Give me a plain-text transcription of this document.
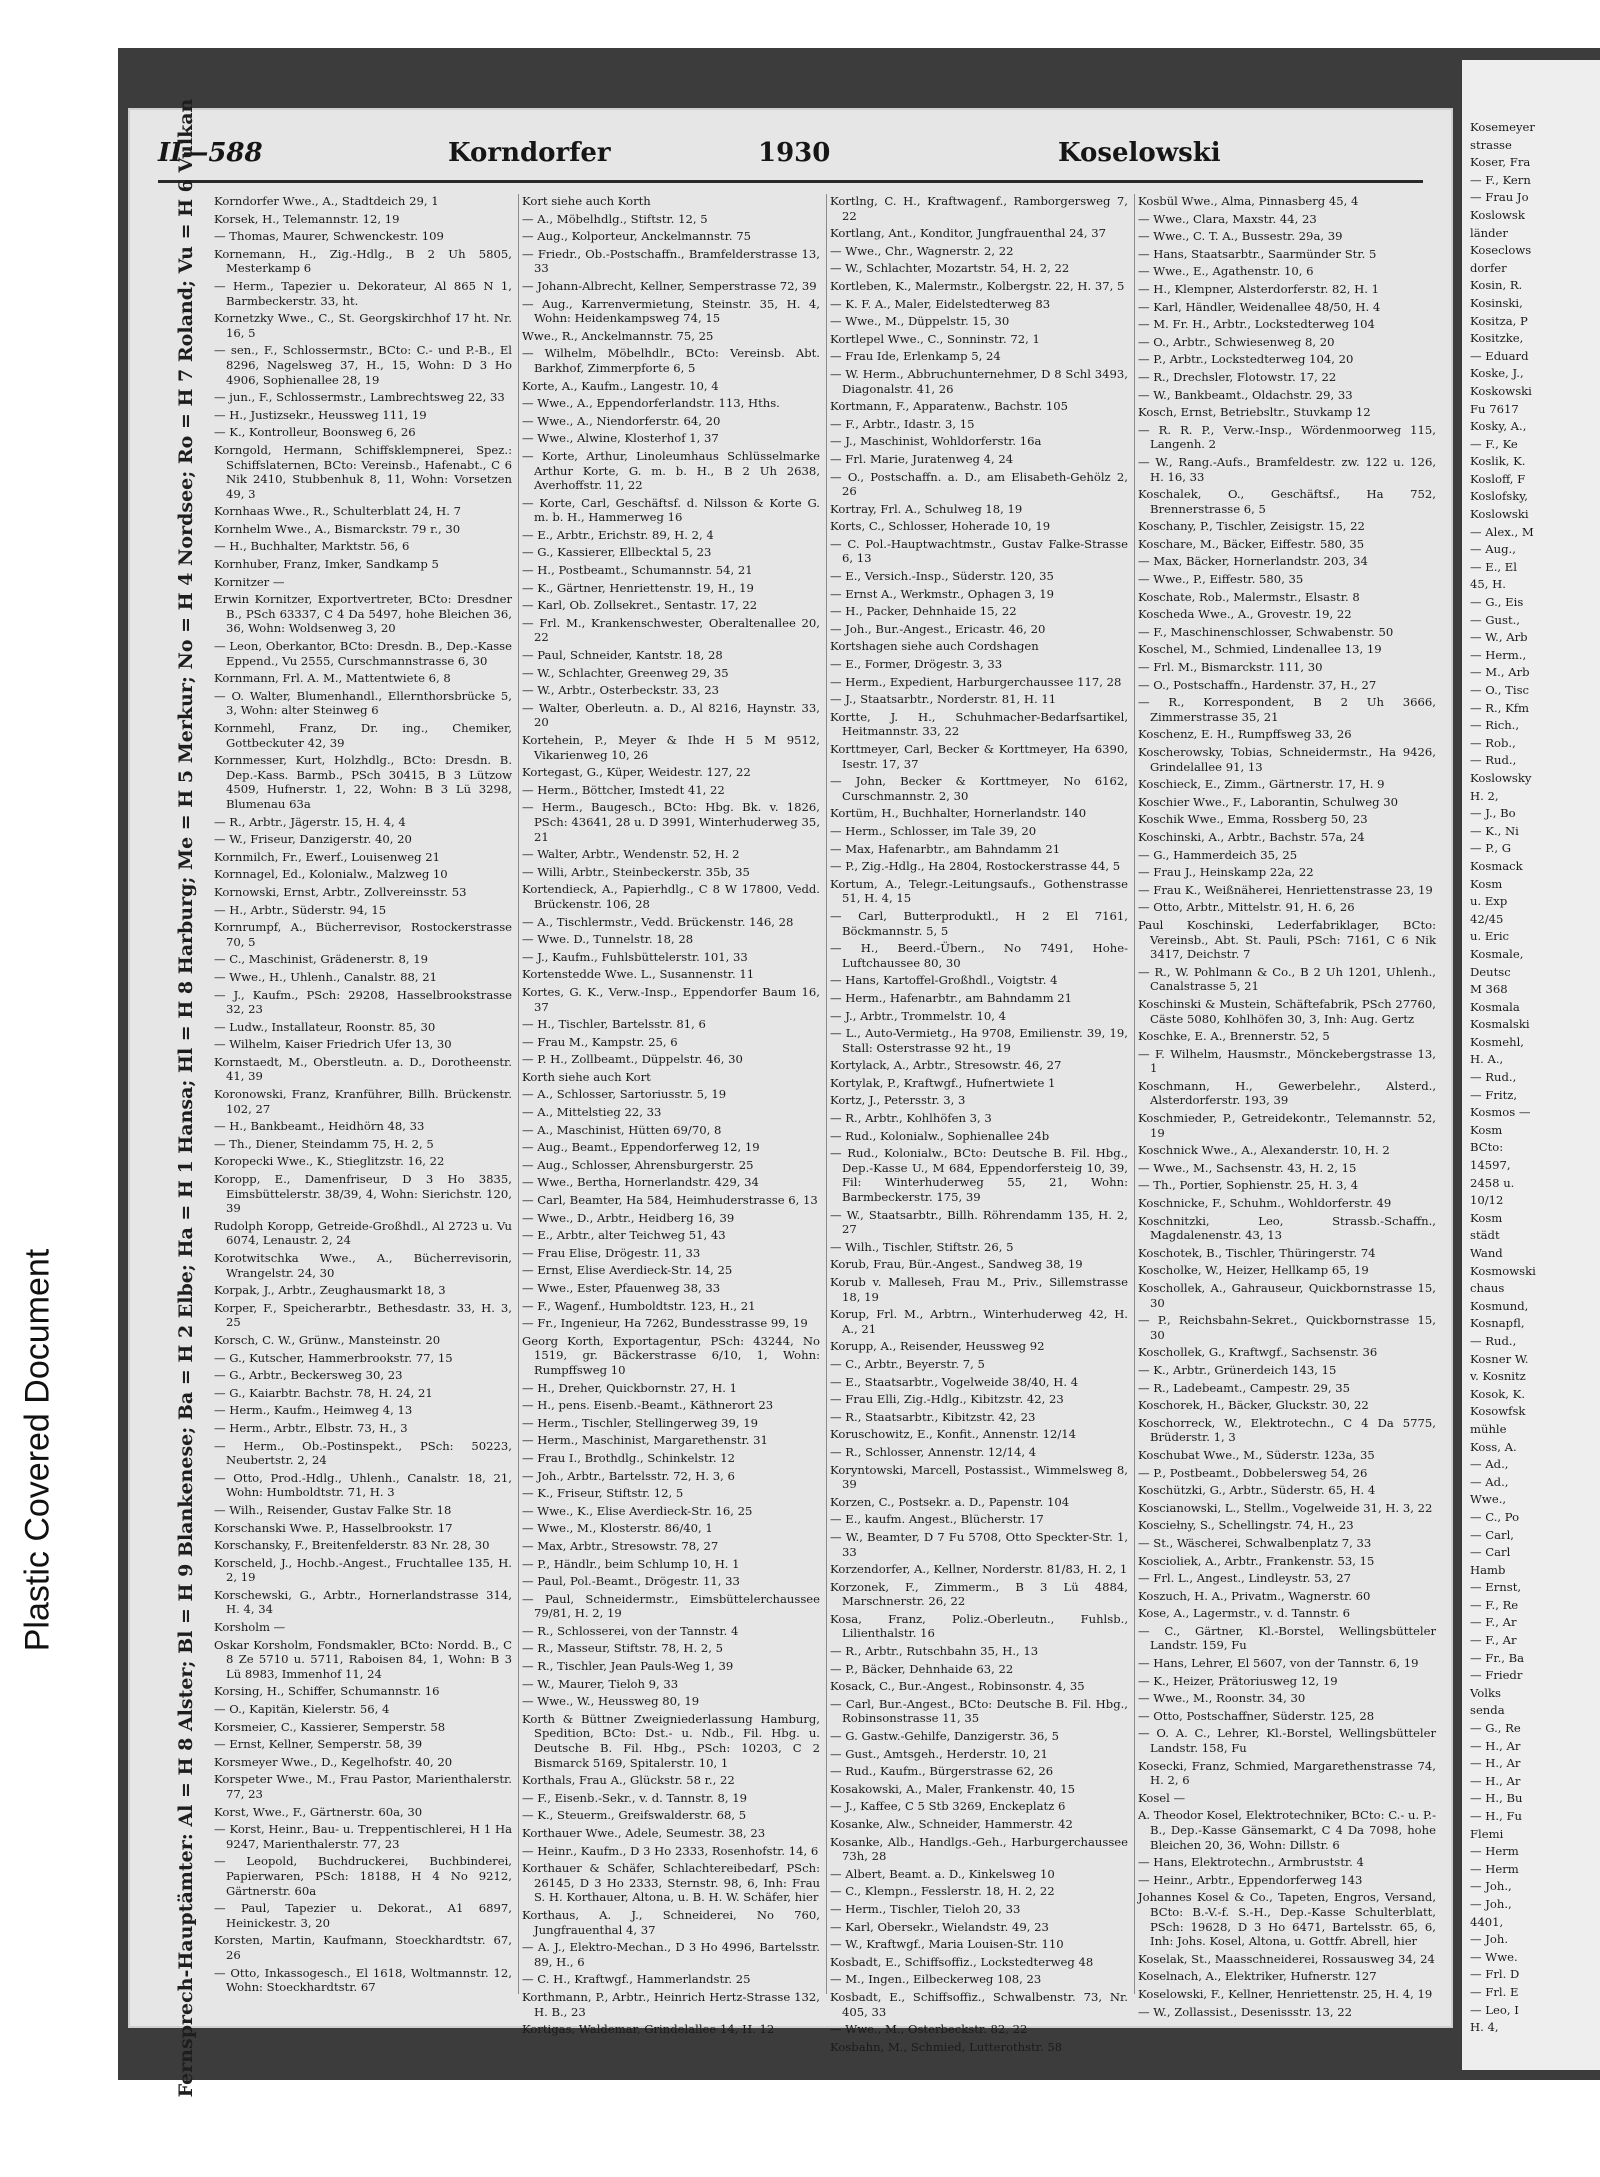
Plastic Covered Document

Kosemeyer

strasse

Koser, Fra

— F., Kern

— Frau Jo

Koslowsk

länder

Koseclows

dorfer

Kosin, R.

Kosinski,

Kositza, P

Kositzke,

— Eduard

Koske, J.,

Koskowski

Fu 7617

Kosky, A.,

— F., Ke

Koslik, K.

Kosloff, F

Koslofsky,

Koslowski

— Alex., M

— Aug.,

— E., El

45, H.

— G., Eis

— Gust.,

— W., Arb

— Herm.,

— M., Arb

— O., Tisc

— R., Kfm

— Rich.,

— Rob.,

— Rud.,

Koslowsky

H. 2,

— J., Bo

— K., Ni

— P., G

Kosmack

Kosm

u. Exp

42/45

u. Eric

Kosmale,

Deutsc

M 368

Kosmala

Kosmalski

Kosmehl,

H. A.,

— Rud.,

— Fritz,

Kosmos —

Kosm

BCto:

14597,

2458 u.

10/12

Kosm

städt

Wand

Kosmowski

chaus

Kosmund,

Kosnapfl,

— Rud.,

Kosner W.

v. Kosnitz

Kosok, K.

Kosowfsk

mühle

Koss, A.

— Ad.,

— Ad.,

Wwe.,

— C., Po

— Carl,

— Carl

Hamb

— Ernst,

— F., Re

— F., Ar

— F., Ar

— Fr., Ba

— Friedr

Volks

senda

— G., Re

— H., Ar

— H., Ar

— H., Ar

— H., Bu

— H., Fu

Flemi

— Herm

— Herm

— Joh.,

— Joh.,

4401,

— Joh.

— Wwe.

— Frl. D

— Frl. E

— Leo, I

H. 4,

II—588	Korndorfer	1930	Koselowski
Fernsprech-Hauptämter: Al = H 8 Alster; Bl = H 9 Blankenese; Ba = H 2 Elbe; Ha = H 1 Hansa; Hl = H 8 Harburg; Me = H 5 Merkur; No = H 4 Nordsee; Ro = H 7 Roland; Vu = H 6 Vulkan Korndorfer Wwe., A., Stadtdeich 29, 1

Korsek, H., Telemannstr. 12, 19

— Thomas, Maurer, Schwenckestr. 109

Kornemann, H., Zig.-Hdlg., B 2 Uh 5805, Mesterkamp 6

— Herm., Tapezier u. Dekorateur, Al 865 N 1, Barmbeckerstr. 33, ht.

Kornetzky Wwe., C., St. Georgskirchhof 17 ht. Nr. 16, 5

— sen., F., Schlossermstr., BCto: C.- und P.-B., El 8296, Nagelsweg 37, H., 15, Wohn: D 3 Ho 4906, Sophienallee 28, 19

— jun., F., Schlossermstr., Lambrechtsweg 22, 33

— H., Justizsekr., Heussweg 111, 19

— K., Kontrolleur, Boonsweg 6, 26

Korngold, Hermann, Schiffsklempnerei, Spez.: Schiffslaternen, BCto: Vereinsb., Hafenabt., C 6 Nik 2410, Stubbenhuk 8, 11, Wohn: Vorsetzen 49, 3

Kornhaas Wwe., R., Schulterblatt 24, H. 7

Kornhelm Wwe., A., Bismarckstr. 79 r., 30

— H., Buchhalter, Marktstr. 56, 6

Kornhuber, Franz, Imker, Sandkamp 5

Kornitzer —

Erwin Kornitzer, Exportvertreter, BCto: Dresdner B., PSch 63337, C 4 Da 5497, hohe Bleichen 36, 36, Wohn: Woldsenweg 3, 20

— Leon, Oberkantor, BCto: Dresdn. B., Dep.-Kasse Eppend., Vu 2555, Curschmannstrasse 6, 30

Kornmann, Frl. A. M., Mattentwiete 6, 8

— O. Walter, Blumenhandl., Ellernthorsbrücke 5, 3, Wohn: alter Steinweg 6

Kornmehl, Franz, Dr. ing., Chemiker, Gottbeckuter 42, 39

Kornmesser, Kurt, Holzhdlg., BCto: Dresdn. B. Dep.-Kass. Barmb., PSch 30415, B 3 Lützow 4509, Hufnerstr. 1, 22, Wohn: B 3 Lü 3298, Blumenau 63a

— R., Arbtr., Jägerstr. 15, H. 4, 4

— W., Friseur, Danzigerstr. 40, 20

Kornmilch, Fr., Ewerf., Louisenweg 21

Kornnagel, Ed., Kolonialw., Malzweg 10

Kornowski, Ernst, Arbtr., Zollvereinsstr. 53

— H., Arbtr., Süderstr. 94, 15

Kornrumpf, A., Bücherrevisor, Rostockerstrasse 70, 5

— C., Maschinist, Grädenerstr. 8, 19

— Wwe., H., Uhlenh., Canalstr. 88, 21

— J., Kaufm., PSch: 29208, Hasselbrookstrasse 32, 23

— Ludw., Installateur, Roonstr. 85, 30

— Wilhelm, Kaiser Friedrich Ufer 13, 30

Kornstaedt, M., Oberstleutn. a. D., Dorotheenstr. 41, 39

Koronowski, Franz, Kranführer, Billh. Brückenstr. 102, 27

— H., Bankbeamt., Heidhörn 48, 33

— Th., Diener, Steindamm 75, H. 2, 5

Koropecki Wwe., K., Stieglitzstr. 16, 22

Koropp, E., Damenfriseur, D 3 Ho 3835, Eimsbüttelerstr. 38/39, 4, Wohn: Sierichstr. 120, 39

Rudolph Koropp, Getreide-Großhdl., Al 2723 u. Vu 6074, Lenaustr. 2, 24

Korotwitschka Wwe., A., Bücherrevisorin, Wrangelstr. 24, 30

Korpak, J., Arbtr., Zeughausmarkt 18, 3

Korper, F., Speicherarbtr., Bethesdastr. 33, H. 3, 25

Korsch, C. W., Grünw., Mansteinstr. 20

— G., Kutscher, Hammerbrookstr. 77, 15

— G., Arbtr., Beckersweg 30, 23

— G., Kaiarbtr. Bachstr. 78, H. 24, 21

— Herm., Kaufm., Heimweg 4, 13

— Herm., Arbtr., Elbstr. 73, H., 3

— Herm., Ob.-Postinspekt., PSch: 50223, Neubertstr. 2, 24

— Otto, Prod.-Hdlg., Uhlenh., Canalstr. 18, 21, Wohn: Humboldtstr. 71, H. 3

— Wilh., Reisender, Gustav Falke Str. 18

Korschanski Wwe. P., Hasselbrookstr. 17

Korschansky, F., Breitenfelderstr. 83 Nr. 28, 30

Korscheld, J., Hochb.-Angest., Fruchtallee 135, H. 2, 19

Korschewski, G., Arbtr., Hornerlandstrasse 314, H. 4, 34

Korsholm —

Oskar Korsholm, Fondsmakler, BCto: Nordd. B., C 8 Ze 5710 u. 5711, Raboisen 84, 1, Wohn: B 3 Lü 8983, Immenhof 11, 24

Korsing, H., Schiffer, Schumannstr. 16

— O., Kapitän, Kielerstr. 56, 4

Korsmeier, C., Kassierer, Semperstr. 58

— Ernst, Kellner, Semperstr. 58, 39

Korsmeyer Wwe., D., Kegelhofstr. 40, 20

Korspeter Wwe., M., Frau Pastor, Marienthalerstr. 77, 23

Korst, Wwe., F., Gärtnerstr. 60a, 30

— Korst, Heinr., Bau- u. Treppentischlerei, H 1 Ha 9247, Marienthalerstr. 77, 23

— Leopold, Buchdruckerei, Buchbinderei, Papierwaren, PSch: 18188, H 4 No 9212, Gärtnerstr. 60a

— Paul, Tapezier u. Dekorat., A1 6897, Heinickestr. 3, 20

Korsten, Martin, Kaufmann, Stoeckhardtstr. 67, 26

— Otto, Inkassogesch., El 1618, Woltmannstr. 12, Wohn: Stoeckhardtstr. 67

Kort siehe auch Korth

— A., Möbelhdlg., Stiftstr. 12, 5

— Aug., Kolporteur, Anckelmannstr. 75

— Friedr., Ob.-Postschaffn., Bramfelderstrasse 13, 33

— Johann-Albrecht, Kellner, Semperstrasse 72, 39

— Aug., Karrenvermietung, Steinstr. 35, H. 4, Wohn: Heidenkampsweg 74, 15

Wwe., R., Anckelmannstr. 75, 25

— Wilhelm, Möbelhdlr., BCto: Vereinsb. Abt. Barkhof, Zimmerpforte 6, 5

Korte, A., Kaufm., Langestr. 10, 4

— Wwe., A., Eppendorferlandstr. 113, Hths.

— Wwe., A., Niendorferstr. 64, 20

— Wwe., Alwine, Klosterhof 1, 37

— Korte, Arthur, Linoleumhaus Schlüsselmarke Arthur Korte, G. m. b. H., B 2 Uh 2638, Averhoffstr. 11, 22

— Korte, Carl, Geschäftsf. d. Nilsson & Korte G. m. b. H., Hammerweg 16

— E., Arbtr., Erichstr. 89, H. 2, 4

— G., Kassierer, Ellbecktal 5, 23

— H., Postbeamt., Schumannstr. 54, 21

— K., Gärtner, Henriettenstr. 19, H., 19

— Karl, Ob. Zollsekret., Sentastr. 17, 22

— Frl. M., Krankenschwester, Oberaltenallee 20, 22

— Paul, Schneider, Kantstr. 18, 28

— W., Schlachter, Greenweg 29, 35

— W., Arbtr., Osterbeckstr. 33, 23

— Walter, Oberleutn. a. D., Al 8216, Haynstr. 33, 20

Kortehein, P., Meyer & Ihde H 5 M 9512, Vikarienweg 10, 26

Kortegast, G., Küper, Weidestr. 127, 22

— Herm., Böttcher, Imstedt 41, 22

— Herm., Baugesch., BCto: Hbg. Bk. v. 1826, PSch: 43641, 28 u. D 3991, Winterhuderweg 35, 21

— Walter, Arbtr., Wendenstr. 52, H. 2

— Willi, Arbtr., Steinbeckerstr. 35b, 35

Kortendieck, A., Papierhdlg., C 8 W 17800, Vedd. Brückenstr. 106, 28

— A., Tischlermstr., Vedd. Brückenstr. 146, 28

— Wwe. D., Tunnelstr. 18, 28

— J., Kaufm., Fuhlsbüttelerstr. 101, 33

Kortenstedde Wwe. L., Susannenstr. 11

Kortes, G. K., Verw.-Insp., Eppendorfer Baum 16, 37

— H., Tischler, Bartelsstr. 81, 6

— Frau M., Kampstr. 25, 6

— P. H., Zollbeamt., Düppelstr. 46, 30

Korth siehe auch Kort

— A., Schlosser, Sartoriusstr. 5, 19

— A., Mittelstieg 22, 33

— A., Maschinist, Hütten 69/70, 8

— Aug., Beamt., Eppendorferweg 12, 19

— Aug., Schlosser, Ahrensburgerstr. 25

— Wwe., Bertha, Hornerlandstr. 429, 34

— Carl, Beamter, Ha 584, Heimhuderstrasse 6, 13

— Wwe., D., Arbtr., Heidberg 16, 39

— E., Arbtr., alter Teichweg 51, 43

— Frau Elise, Drögestr. 11, 33

— Ernst, Elise Averdieck-Str. 14, 25

— Wwe., Ester, Pfauenweg 38, 33

— F., Wagenf., Humboldtstr. 123, H., 21

— Fr., Ingenieur, Ha 7262, Bundesstrasse 99, 19

Georg Korth, Exportagentur, PSch: 43244, No 1519, gr. Bäckerstrasse 6/10, 1, Wohn: Rumpffsweg 10

— H., Dreher, Quickbornstr. 27, H. 1

— H., pens. Eisenb.-Beamt., Käthnerort 23

— Herm., Tischler, Stellingerweg 39, 19

— Herm., Maschinist, Margarethenstr. 31

— Frau I., Brothdlg., Schinkelstr. 12

— Joh., Arbtr., Bartelsstr. 72, H. 3, 6

— K., Friseur, Stiftstr. 12, 5

— Wwe., K., Elise Averdieck-Str. 16, 25

— Wwe., M., Klosterstr. 86/40, 1

— Max, Arbtr., Stresowstr. 78, 27

— P., Händlr., beim Schlump 10, H. 1

— Paul, Pol.-Beamt., Drögestr. 11, 33

— Paul, Schneidermstr., Eimsbüttelerchaussee 79/81, H. 2, 19

— R., Schlosserei, von der Tannstr. 4

— R., Masseur, Stiftstr. 78, H. 2, 5

— R., Tischler, Jean Pauls-Weg 1, 39

— W., Maurer, Tieloh 9, 33

— Wwe., W., Heussweg 80, 19

Korth & Büttner Zweigniederlassung Hamburg, Spedition, BCto: Dst.- u. Ndb., Fil. Hbg. u. Deutsche B. Fil. Hbg., PSch: 10203, C 2 Bismarck 5169, Spitalerstr. 10, 1

Korthals, Frau A., Glückstr. 58 r., 22

— F., Eisenb.-Sekr., v. d. Tannstr. 8, 19

— K., Steuerm., Greifswalderstr. 68, 5

Korthauer Wwe., Adele, Seumestr. 38, 23

— Heinr., Kaufm., D 3 Ho 2333, Rosenhofstr. 14, 6

Korthauer & Schäfer, Schlachtereibedarf, PSch: 26145, D 3 Ho 2333, Sternstr. 98, 6, Inh: Frau S. H. Korthauer, Altona, u. B. H. W. Schäfer, hier

Korthaus, A. J., Schneiderei, No 760, Jungfrauenthal 4, 37

— A. J., Elektro-Mechan., D 3 Ho 4996, Bartelsstr. 89, H., 6

— C. H., Kraftwgf., Hammerlandstr. 25

Korthmann, P., Arbtr., Heinrich Hertz-Strasse 132, H. B., 23

Kortigas, Waldemar, Grindelallee 14, H. 12

Kortlng, C. H., Kraftwagenf., Ramborgersweg 7, 22

Kortlang, Ant., Konditor, Jungfrauenthal 24, 37

— Wwe., Chr., Wagnerstr. 2, 22

— W., Schlachter, Mozartstr. 54, H. 2, 22

Kortleben, K., Malermstr., Kolbergstr. 22, H. 37, 5

— K. F. A., Maler, Eidelstedterweg 83

— Wwe., M., Düppelstr. 15, 30

Kortlepel Wwe., C., Sonninstr. 72, 1

— Frau Ide, Erlenkamp 5, 24

— W. Herm., Abbruchunternehmer, D 8 Schl 3493, Diagonalstr. 41, 26

Kortmann, F., Apparatenw., Bachstr. 105

— F., Arbtr., Idastr. 3, 15

— J., Maschinist, Wohldorferstr. 16a

— Frl. Marie, Juratenweg 4, 24

— O., Postschaffn. a. D., am Elisabeth-Gehölz 2, 26

Kortray, Frl. A., Schulweg 18, 19

Korts, C., Schlosser, Hoherade 10, 19

— C. Pol.-Hauptwachtmstr., Gustav Falke-Strasse 6, 13

— E., Versich.-Insp., Süderstr. 120, 35

— Ernst A., Werkmstr., Ophagen 3, 19

— H., Packer, Dehnhaide 15, 22

— Joh., Bur.-Angest., Ericastr. 46, 20

Kortshagen siehe auch Cordshagen

— E., Former, Drögestr. 3, 33

— Herm., Expedient, Harburgerchaussee 117, 28

— J., Staatsarbtr., Norderstr. 81, H. 11

Kortte, J. H., Schuhmacher-Bedarfsartikel, Heitmannstr. 33, 22

Korttmeyer, Carl, Becker & Korttmeyer, Ha 6390, Isestr. 17, 37

— John, Becker & Korttmeyer, No 6162, Curschmannstr. 2, 30

Kortüm, H., Buchhalter, Hornerlandstr. 140

— Herm., Schlosser, im Tale 39, 20

— Max, Hafenarbtr., am Bahndamm 21

— P., Zig.-Hdlg., Ha 2804, Rostockerstrasse 44, 5

Kortum, A., Telegr.-Leitungsaufs., Gothenstrasse 51, H. 4, 15

— Carl, Butterproduktl., H 2 El 7161, Böckmannstr. 5, 5

— H., Beerd.-Übern., No 7491, Hohe-Luftchaussee 80, 30

— Hans, Kartoffel-Großhdl., Voigtstr. 4

— Herm., Hafenarbtr., am Bahndamm 21

— J., Arbtr., Trommelstr. 10, 4

— L., Auto-Vermietg., Ha 9708, Emilienstr. 39, 19, Stall: Osterstrasse 92 ht., 19

Kortylack, A., Arbtr., Stresowstr. 46, 27

Kortylak, P., Kraftwgf., Hufnertwiete 1

Kortz, J., Petersstr. 3, 3

— R., Arbtr., Kohlhöfen 3, 3

— Rud., Kolonialw., Sophienallee 24b

— Rud., Kolonialw., BCto: Deutsche B. Fil. Hbg., Dep.-Kasse U., M 684, Eppendorfersteig 10, 39, Fil: Winterhuderweg 55, 21, Wohn: Barmbeckerstr. 175, 39

— W., Staatsarbtr., Billh. Röhrendamm 135, H. 2, 27

— Wilh., Tischler, Stiftstr. 26, 5

Korub, Frau, Bür.-Angest., Sandweg 38, 19

Korub v. Malleseh, Frau M., Priv., Sillemstrasse 18, 19

Korup, Frl. M., Arbtrn., Winterhuderweg 42, H. A., 21

Korupp, A., Reisender, Heussweg 92

— C., Arbtr., Beyerstr. 7, 5

— E., Staatsarbtr., Vogelweide 38/40, H. 4

— Frau Elli, Zig.-Hdlg., Kibitzstr. 42, 23

— R., Staatsarbtr., Kibitzstr. 42, 23

Koruschowitz, E., Konfit., Annenstr. 12/14

— R., Schlosser, Annenstr. 12/14, 4

Koryntowski, Marcell, Postassist., Wimmelsweg 8, 39

Korzen, C., Postsekr. a. D., Papenstr. 104

— E., kaufm. Angest., Blücherstr. 17

— W., Beamter, D 7 Fu 5708, Otto Speckter-Str. 1, 33

Korzendorfer, A., Kellner, Norderstr. 81/83, H. 2, 1

Korzonek, F., Zimmerm., B 3 Lü 4884, Marschnerstr. 26, 22

Kosa, Franz, Poliz.-Oberleutn., Fuhlsb., Lilienthalstr. 16

— R., Arbtr., Rutschbahn 35, H., 13

— P., Bäcker, Dehnhaide 63, 22

Kosack, C., Bur.-Angest., Robinsonstr. 4, 35

— Carl, Bur.-Angest., BCto: Deutsche B. Fil. Hbg., Robinsonstrasse 11, 35

— G. Gastw.-Gehilfe, Danzigerstr. 36, 5

— Gust., Amtsgeh., Herderstr. 10, 21

— Rud., Kaufm., Bürgerstrasse 62, 26

Kosakowski, A., Maler, Frankenstr. 40, 15

— J., Kaffee, C 5 Stb 3269, Enckeplatz 6

Kosanke, Alw., Schneider, Hammerstr. 42

Kosanke, Alb., Handlgs.-Geh., Harburgerchaussee 73h, 28

— Albert, Beamt. a. D., Kinkelsweg 10

— C., Klempn., Fesslerstr. 18, H. 2, 22

— Herm., Tischler, Tieloh 20, 33

— Karl, Obersekr., Wielandstr. 49, 23

— W., Kraftwgf., Maria Louisen-Str. 110

Kosbadt, E., Schiffsoffiz., Lockstedterweg 48

— M., Ingen., Eilbeckerweg 108, 23

Kosbadt, E., Schiffsoffiz., Schwalbenstr. 73, Nr. 405, 33

— Wwe., M., Osterbeckstr. 82, 22

Kosbahn, M., Schmied, Lutterothstr. 58

Kosbül Wwe., Alma, Pinnasberg 45, 4

— Wwe., Clara, Maxstr. 44, 23

— Wwe., C. T. A., Bussestr. 29a, 39

— Hans, Staatsarbtr., Saarmünder Str. 5

— Wwe., E., Agathenstr. 10, 6

— H., Klempner, Alsterdorferstr. 82, H. 1

— Karl, Händler, Weidenallee 48/50, H. 4

— M. Fr. H., Arbtr., Lockstedterweg 104

— O., Arbtr., Schwiesenweg 8, 20

— P., Arbtr., Lockstedterweg 104, 20

— R., Drechsler, Flotowstr. 17, 22

— W., Bankbeamt., Oldachstr. 29, 33

Kosch, Ernst, Betriebsltr., Stuvkamp 12

— R. R. P., Verw.-Insp., Wördenmoorweg 115, Langenh. 2

— W., Rang.-Aufs., Bramfeldestr. zw. 122 u. 126, H. 16, 33

Koschalek, O., Geschäftsf., Ha 752, Brennerstrasse 6, 5

Koschany, P., Tischler, Zeisigstr. 15, 22

Koschare, M., Bäcker, Eiffestr. 580, 35

— Max, Bäcker, Hornerlandstr. 203, 34

— Wwe., P., Eiffestr. 580, 35

Koschate, Rob., Malermstr., Elsastr. 8

Koscheda Wwe., A., Grovestr. 19, 22

— F., Maschinenschlosser, Schwabenstr. 50

Koschel, M., Schmied, Lindenallee 13, 19

— Frl. M., Bismarckstr. 111, 30

— O., Postschaffn., Hardenstr. 37, H., 27

— R., Korrespondent, B 2 Uh 3666, Zimmerstrasse 35, 21

Koschenz, E. H., Rumpffsweg 33, 26

Koscherowsky, Tobias, Schneidermstr., Ha 9426, Grindelallee 91, 13

Koschieck, E., Zimm., Gärtnerstr. 17, H. 9

Koschier Wwe., F., Laborantin, Schulweg 30

Koschik Wwe., Emma, Rossberg 50, 23

Koschinski, A., Arbtr., Bachstr. 57a, 24

— G., Hammerdeich 35, 25

— Frau J., Heinskamp 22a, 22

— Frau K., Weißnäherei, Henriettenstrasse 23, 19

— Otto, Arbtr., Mittelstr. 91, H. 6, 26

Paul Koschinski, Lederfabriklager, BCto: Vereinsb., Abt. St. Pauli, PSch: 7161, C 6 Nik 3417, Deichstr. 7

— R., W. Pohlmann & Co., B 2 Uh 1201, Uhlenh., Canalstrasse 5, 21

Koschinski & Mustein, Schäftefabrik, PSch 27760, Cäste 5080, Kohlhöfen 30, 3, Inh: Aug. Gertz

Koschke, E. A., Brennerstr. 52, 5

— F. Wilhelm, Hausmstr., Mönckebergstrasse 13, 1

Koschmann, H., Gewerbelehr., Alsterd., Alsterdorferstr. 193, 39

Koschmieder, P., Getreidekontr., Telemannstr. 52, 19

Koschnick Wwe., A., Alexanderstr. 10, H. 2

— Wwe., M., Sachsenstr. 43, H. 2, 15

— Th., Portier, Sophienstr. 25, H. 3, 4

Koschnicke, F., Schuhm., Wohldorferstr. 49

Koschnitzki, Leo, Strassb.-Schaffn., Magdalenenstr. 43, 13

Koschotek, B., Tischler, Thüringerstr. 74

Koscholke, W., Heizer, Hellkamp 65, 19

Koschollek, A., Gahrauseur, Quickbornstrasse 15, 30

— P., Reichsbahn-Sekret., Quickbornstrasse 15, 30

Koschollek, G., Kraftwgf., Sachsenstr. 36

— K., Arbtr., Grünerdeich 143, 15

— R., Ladebeamt., Campestr. 29, 35

Koschorek, H., Bäcker, Gluckstr. 30, 22

Koschorreck, W., Elektrotechn., C 4 Da 5775, Brüderstr. 1, 3

Koschubat Wwe., M., Süderstr. 123a, 35

— P., Postbeamt., Dobbelersweg 54, 26

Koschützki, G., Arbtr., Süderstr. 65, H. 4

Koscianowski, L., Stellm., Vogelweide 31, H. 3, 22

Kosciełny, S., Schellingstr. 74, H., 23

— St., Wäscherei, Schwalbenplatz 7, 33

Koscioliek, A., Arbtr., Frankenstr. 53, 15

— Frl. L., Angest., Lindleystr. 53, 27

Koszuch, H. A., Privatm., Wagnerstr. 60

Kose, A., Lagermstr., v. d. Tannstr. 6

— C., Gärtner, Kl.-Borstel, Wellingsbütteler Landstr. 159, Fu

— Hans, Lehrer, El 5607, von der Tannstr. 6, 19

— K., Heizer, Prätoriusweg 12, 19

— Wwe., M., Roonstr. 34, 30

— Otto, Postschaffner, Süderstr. 125, 28

— O. A. C., Lehrer, Kl.-Borstel, Wellingsbütteler Landstr. 158, Fu

Kosecki, Franz, Schmied, Margarethenstrasse 74, H. 2, 6

Kosel —

A. Theodor Kosel, Elektrotechniker, BCto: C.- u. P.-B., Dep.-Kasse Gänsemarkt, C 4 Da 7098, hohe Bleichen 20, 36, Wohn: Dillstr. 6

— Hans, Elektrotechn., Armbruststr. 4

— Heinr., Arbtr., Eppendorferweg 143

Johannes Kosel & Co., Tapeten, Engros, Versand, BCto: B.-V.-f. S.-H., Dep.-Kasse Schulterblatt, PSch: 19628, D 3 Ho 6471, Bartelsstr. 65, 6, Inh: Johs. Kosel, Altona, u. Gottfr. Abrell, hier

Koselak, St., Maasschneiderei, Rossausweg 34, 24

Koselnach, A., Elektriker, Hufnerstr. 127

Koselowski, F., Kellner, Henriettenstr. 25, H. 4, 19

— W., Zollassist., Desenissstr. 13, 22
